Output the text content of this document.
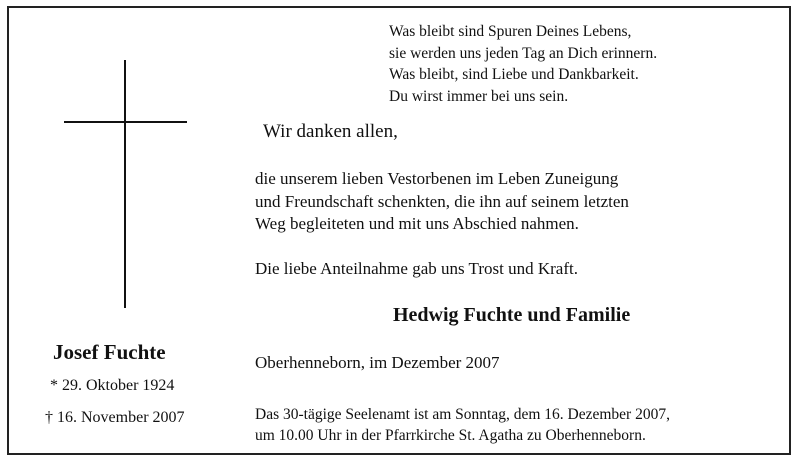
Was bleibt sind Spuren Deines Lebens,
sie werden uns jeden Tag an Dich erinnern.
Was bleibt, sind Liebe und Dankbarkeit.
Du wirst immer bei uns sein.
Wir danken allen,
die unserem lieben Vestorbenen im Leben Zuneigung
und Freundschaft schenkten, die ihn auf seinem letzten
Weg begleiteten und mit uns Abschied nahmen.
Die liebe Anteilnahme gab uns Trost und Kraft.
Hedwig Fuchte und Familie
Josef Fuchte
* 29. Oktober 1924
† 16. November 2007
Oberhenneborn, im Dezember 2007
Das 30-tägige Seelenamt ist am Sonntag, dem 16. Dezember 2007,
um 10.00 Uhr in der Pfarrkirche St. Agatha zu Oberhenneborn.
